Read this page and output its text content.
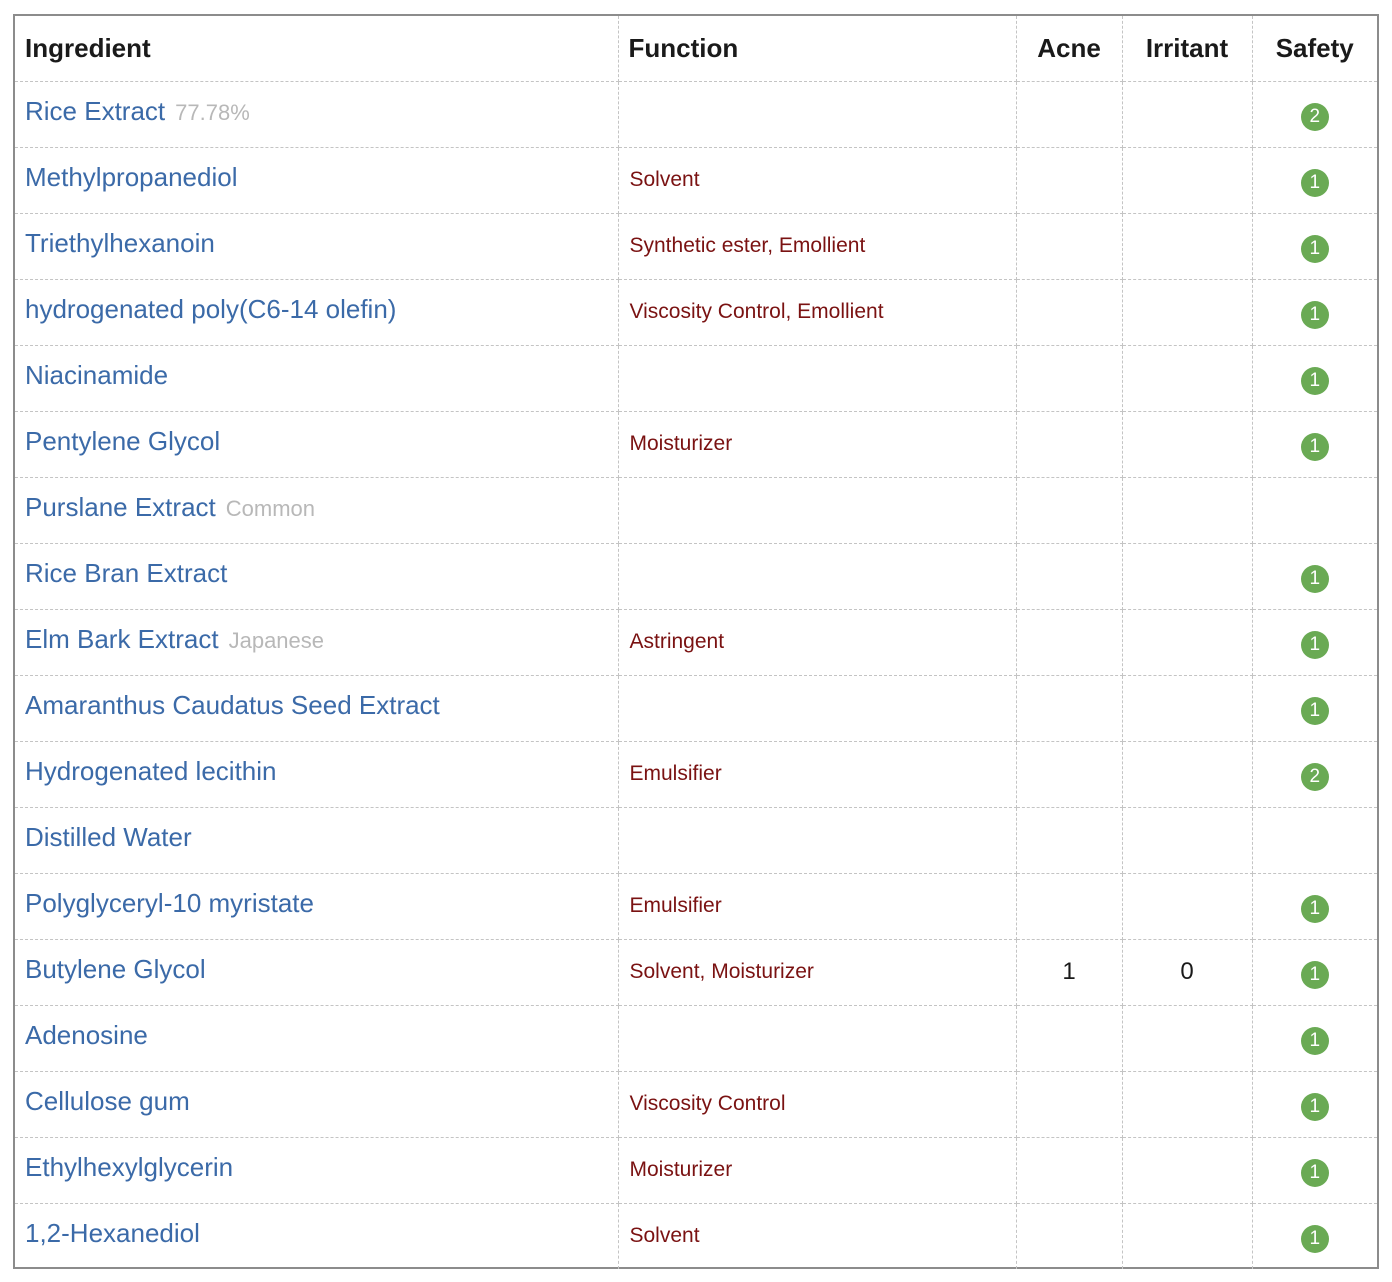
Ingredient	Function	Acne	Irritant	Safety
Rice Extract 77.78%				2
Methylpropanediol	Solvent			1
Triethylhexanoin	Synthetic ester, Emollient			1
hydrogenated poly(C6-14 olefin)	Viscosity Control, Emollient			1
Niacinamide				1
Pentylene Glycol	Moisturizer			1
Purslane Extract Common				
Rice Bran Extract				1
Elm Bark Extract Japanese	Astringent			1
Amaranthus Caudatus Seed Extract				1
Hydrogenated lecithin	Emulsifier			2
Distilled Water				
Polyglyceryl-10 myristate	Emulsifier			1
Butylene Glycol	Solvent, Moisturizer	1	0	1
Adenosine				1
Cellulose gum	Viscosity Control			1
Ethylhexylglycerin	Moisturizer			1
1,2-Hexanediol	Solvent			1
